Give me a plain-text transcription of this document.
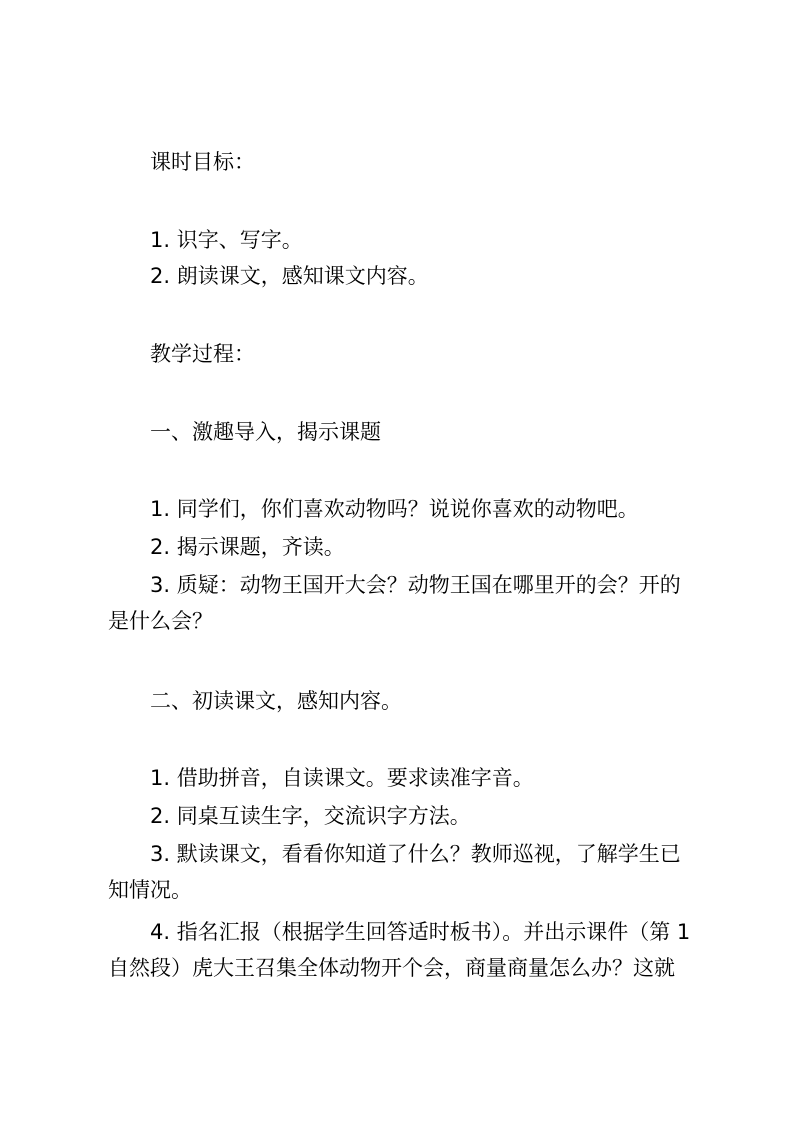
课时目标：

1. 识字、写字。

2. 朗读课文，感知课文内容。

教学过程：

一、激趣导入，揭示课题

1. 同学们，你们喜欢动物吗？说说你喜欢的动物吧。

2. 揭示课题，齐读。

3. 质疑：动物王国开大会？动物王国在哪里开的会？开的是什么会？

二、初读课文，感知内容。

1. 借助拼音，自读课文。要求读准字音。

2. 同桌互读生字，交流识字方法。

3. 默读课文，看看你知道了什么？教师巡视，了解学生已知情况。

4. 指名汇报（根据学生回答适时板书）。并出示课件（第 1 自然段）虎大王召集全体动物开个会，商量商量怎么办？这就
